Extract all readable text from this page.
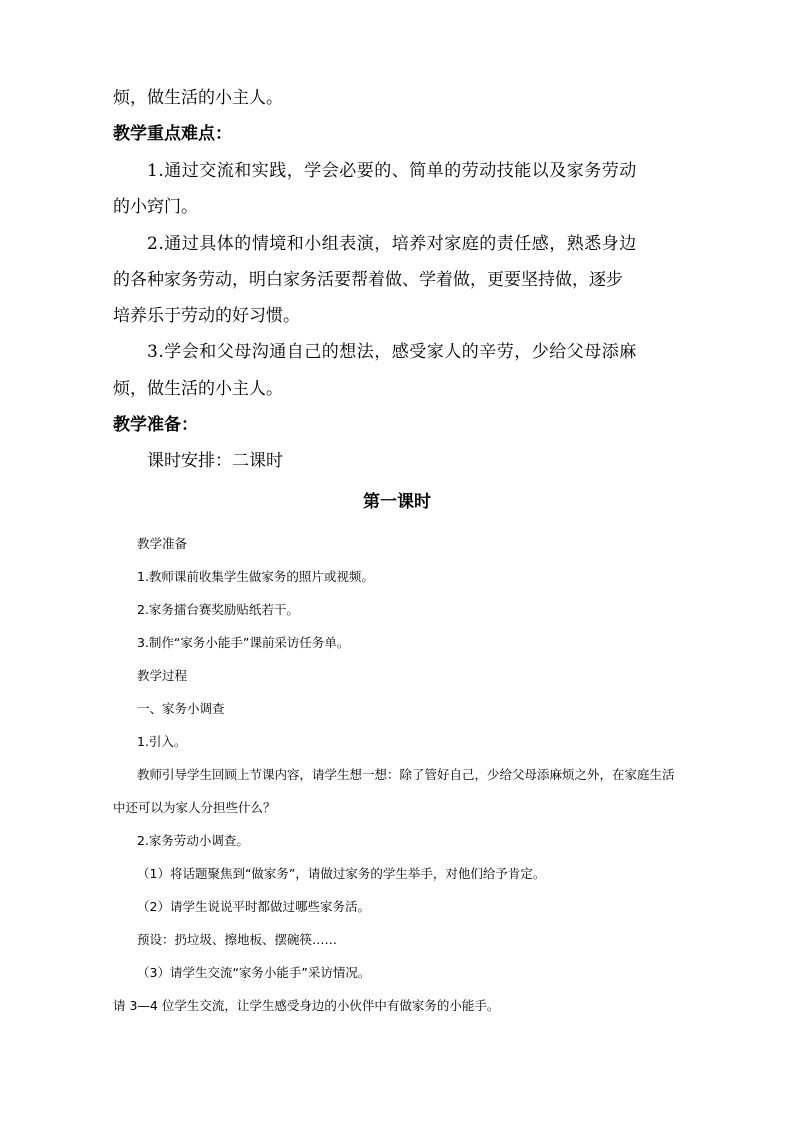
烦，做生活的小主人。

教学重点难点：

1.通过交流和实践，学会必要的、简单的劳动技能以及家务劳动

的小窍门。

2.通过具体的情境和小组表演，培养对家庭的责任感，熟悉身边

的各种家务劳动，明白家务活要帮着做、学着做，更要坚持做，逐步

培养乐于劳动的好习惯。

3.学会和父母沟通自己的想法，感受家人的辛劳，少给父母添麻

烦，做生活的小主人。

教学准备：

课时安排：二课时

第一课时

教学准备

1.教师课前收集学生做家务的照片或视频。

2.家务擂台赛奖励贴纸若干。

3.制作“家务小能手”课前采访任务单。

教学过程

一、家务小调查

1.引入。

教师引导学生回顾上节课内容，请学生想一想：除了管好自己，少给父母添麻烦之外，在家庭生活

中还可以为家人分担些什么？

2.家务劳动小调查。

（1）将话题聚焦到“做家务”，请做过家务的学生举手，对他们给予肯定。

（2）请学生说说平时都做过哪些家务活。

预设：扔垃圾、擦地板、摆碗筷……

（3）请学生交流“家务小能手”采访情况。

请 3—4 位学生交流，让学生感受身边的小伙伴中有做家务的小能手。
